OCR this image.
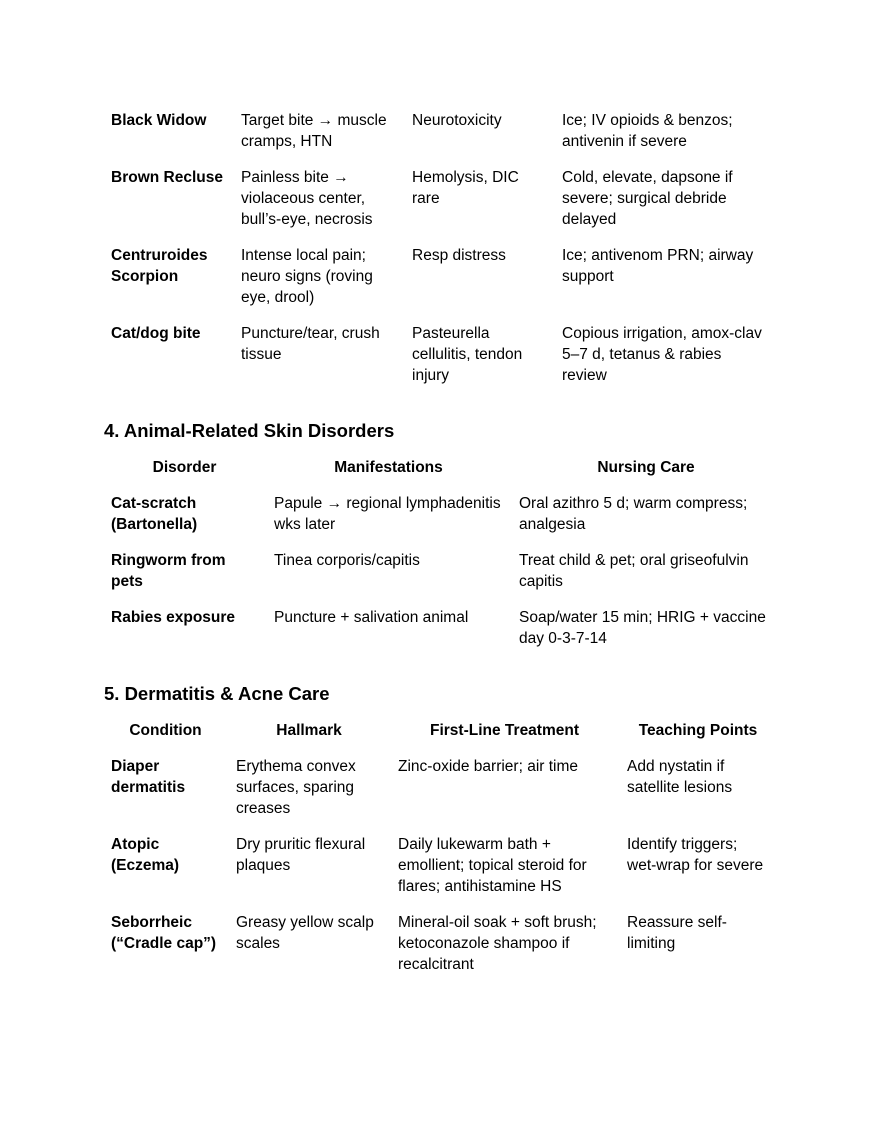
Black Widow	Target bite → muscle cramps, HTN	Neurotoxicity	Ice; IV opioids & benzos; antivenin if severe
Brown Recluse	Painless bite → violaceous center, bull’s-eye, necrosis	Hemolysis, DIC rare	Cold, elevate, dapsone if severe; surgical debride delayed
Centruroides Scorpion	Intense local pain; neuro signs (roving eye, drool)	Resp distress	Ice; antivenom PRN; airway support
Cat/dog bite	Puncture/tear, crush tissue	Pasteurella cellulitis, tendon injury	Copious irrigation, amox-clav 5–7 d, tetanus & rabies review
4. Animal-Related Skin Disorders
Disorder	Manifestations	Nursing Care
Cat-scratch (Bartonella)	Papule → regional lymphadenitis wks later	Oral azithro 5 d; warm compress; analgesia
Ringworm from pets	Tinea corporis/capitis	Treat child & pet; oral griseofulvin capitis
Rabies exposure	Puncture + salivation animal	Soap/water 15 min; HRIG + vaccine day 0-3-7-14
5. Dermatitis & Acne Care
Condition	Hallmark	First-Line Treatment	Teaching Points
Diaper dermatitis	Erythema convex surfaces, sparing creases	Zinc-oxide barrier; air time	Add nystatin if satellite lesions
Atopic (Eczema)	Dry pruritic flexural plaques	Daily lukewarm bath + emollient; topical steroid for flares; antihistamine HS	Identify triggers; wet-wrap for severe
Seborrheic (“Cradle cap”)	Greasy yellow scalp scales	Mineral-oil soak + soft brush; ketoconazole shampoo if recalcitrant	Reassure self-limiting
